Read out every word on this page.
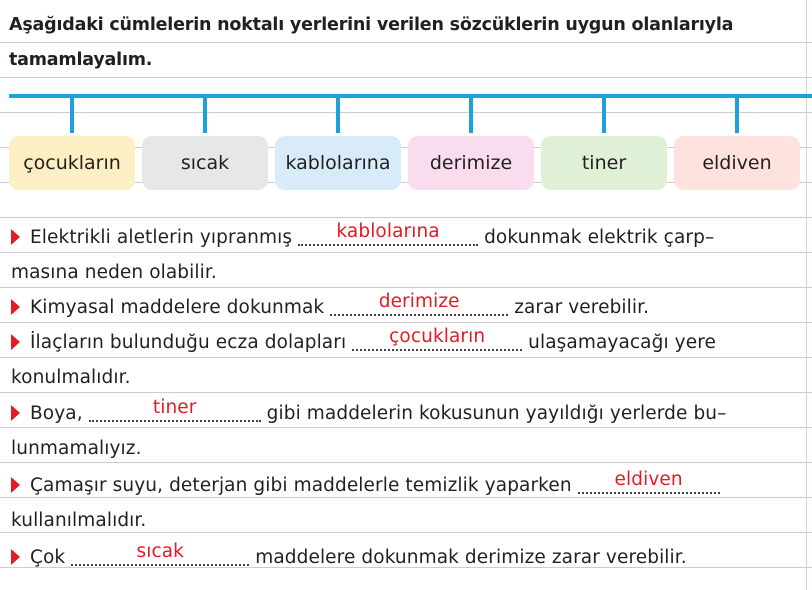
Aşağıdaki cümlelerin noktalı yerlerini verilen sözcüklerin uygun olanlarıyla tamamlayalım.
çocukların	sıcak	kablolarına	derimize	tiner	eldiven
Elektrikli aletlerin yıpranmış	kablolarına	dokunmak elektrik çarp–
masına neden olabilir.
Kimyasal maddelere dokunmak	derimize	zarar verebilir.
İlaçların bulunduğu ecza dolapları	çocukların	ulaşamayacağı yere
konulmalıdır.
Boya,	tiner	gibi maddelerin kokusunun yayıldığı yerlerde bu–
lunmamalıyız.
Çamaşır suyu, deterjan gibi maddelerle temizlik yaparken	eldiven
kullanılmalıdır.
Çok	sıcak	maddelere dokunmak derimize zarar verebilir.
